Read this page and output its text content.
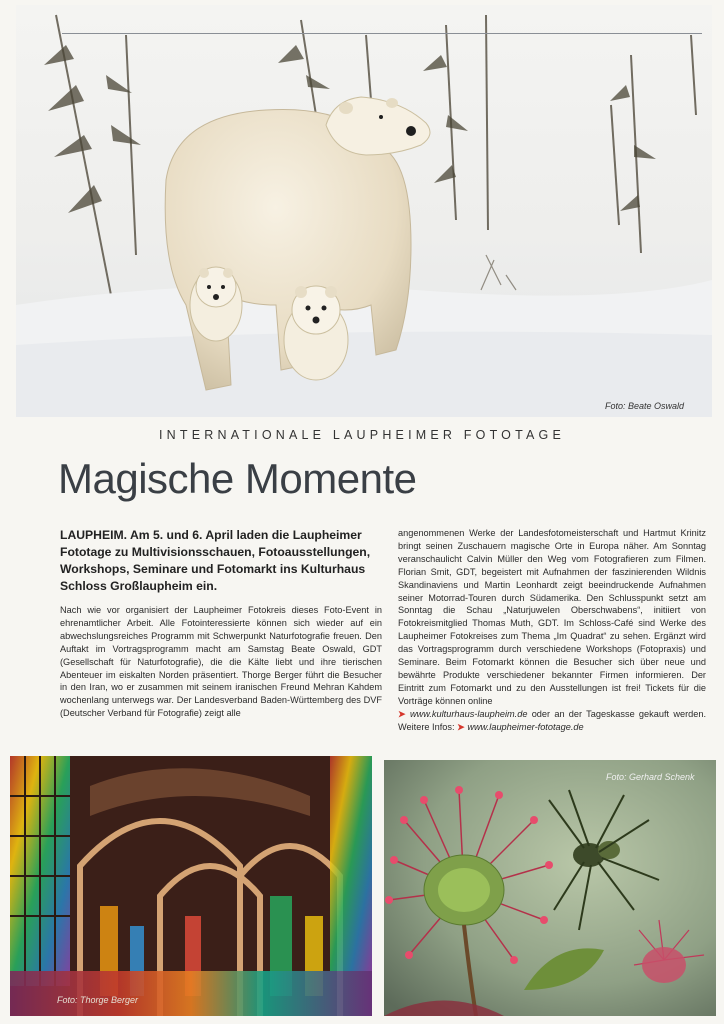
Foto: Beate Oswald
INTERNATIONALE LAUPHEIMER FOTOTAGE
Magische Momente
LAUPHEIM. Am 5. und 6. April laden die Laupheimer Fototage zu Multivisionsschauen, Fotoausstellungen, Workshops, Seminare und Fotomarkt ins Kulturhaus Schloss Großlaupheim ein.
Nach wie vor organisiert der Laupheimer Fotokreis dieses Foto-Event in ehrenamtlicher Arbeit. Alle Fotointeressierte können sich wieder auf ein abwechslungsreiches Programm mit Schwerpunkt Naturfotografie freuen. Den Auftakt im Vortragsprogramm macht am Samstag Beate Oswald, GDT (Gesellschaft für Naturfotografie), die die Kälte liebt und ihre tierischen Abenteuer im eiskalten Norden präsentiert. Thorge Berger führt die Besucher in den Iran, wo er zusammen mit seinem iranischen Freund Mehran Kahdem wochenlang unterwegs war. Der Landesverband Baden-Württemberg des DVF (Deutscher Verband für Fotografie) zeigt alle
angenommenen Werke der Landesfotomeisterschaft und Hartmut Krinitz bringt seinen Zuschauern magische Orte in Europa näher. Am Sonntag veranschaulicht Calvin Müller den Weg vom Fotografieren zum Filmen. Florian Smit, GDT, begeistert mit Aufnahmen der faszinierenden Wildnis Skandinaviens und Martin Leonhardt zeigt beeindruckende Aufnahmen seiner Motorrad-Touren durch Südamerika. Den Schlusspunkt setzt am Sonntag die Schau „Naturjuwelen Oberschwabens“, initiiert von Fotokreismitglied Thomas Muth, GDT. Im Schloss-Café sind Werke des Laupheimer Fotokreises zum Thema „Im Quadrat“ zu sehen. Ergänzt wird das Vortragsprogramm durch verschiedene Workshops (Fotopraxis) und Seminare. Beim Fotomarkt können die Besucher sich über neue und bewährte Produkte verschiedener bekannter Firmen informieren. Der Eintritt zum Fotomarkt und zu den Ausstellungen ist frei! Tickets für die Vorträge können online
➤ www.kulturhaus-laupheim.de oder an der Tageskasse gekauft werden. Weitere Infos: ➤ www.laupheimer-fototage.de
Foto: Thorge Berger
Foto: Gerhard Schenk
